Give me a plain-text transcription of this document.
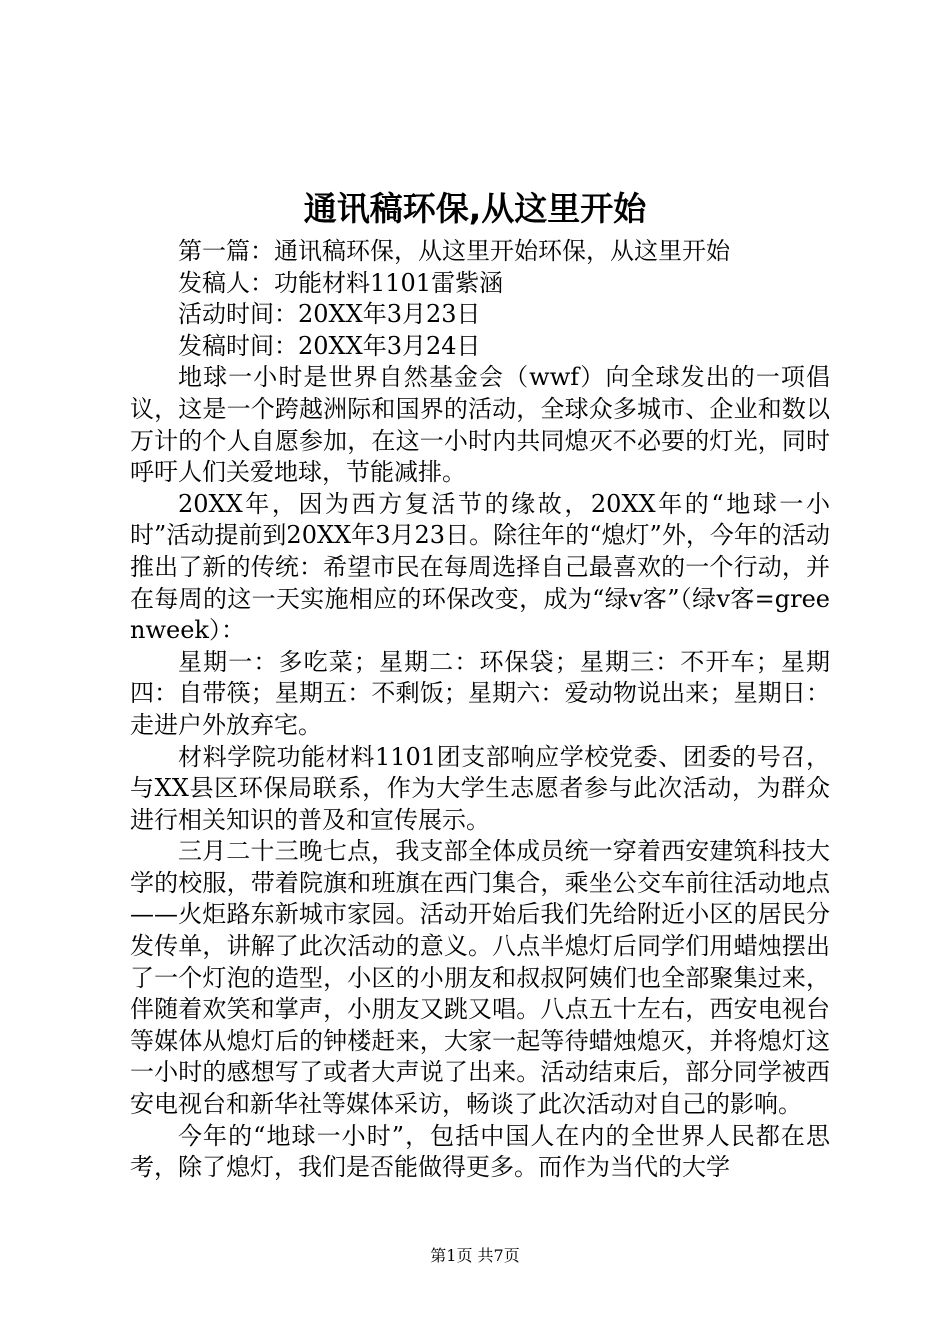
通讯稿环保,从这里开始

第一篇：通讯稿环保，从这里开始环保，从这里开始

发稿人：功能材料1101雷紫涵

活动时间：20XX年3月23日

发稿时间：20XX年3月24日

地球一小时是世界自然基金会（wwf）向全球发出的一项倡议，这是一个跨越洲际和国界的活动，全球众多城市、企业和数以万计的个人自愿参加，在这一小时内共同熄灭不必要的灯光，同时呼吁人们关爱地球，节能减排。

20XX年，因为西方复活节的缘故，20XX年的“地球一小时”活动提前到20XX年3月23日。除往年的“熄灯”外，今年的活动推出了新的传统：希望市民在每周选择自己最喜欢的一个行动，并在每周的这一天实施相应的环保改变，成为“绿v客”（绿v客=greenweek）：

星期一：多吃菜；星期二：环保袋；星期三：不开车；星期四：自带筷；星期五：不剩饭；星期六：爱动物说出来；星期日：走进户外放弃宅。

材料学院功能材料1101团支部响应学校党委、团委的号召，与XX县区环保局联系，作为大学生志愿者参与此次活动，为群众进行相关知识的普及和宣传展示。

三月二十三晚七点，我支部全体成员统一穿着西安建筑科技大学的校服，带着院旗和班旗在西门集合，乘坐公交车前往活动地点——火炬路东新城市家园。活动开始后我们先给附近小区的居民分发传单，讲解了此次活动的意义。八点半熄灯后同学们用蜡烛摆出了一个灯泡的造型，小区的小朋友和叔叔阿姨们也全部聚集过来，伴随着欢笑和掌声，小朋友又跳又唱。八点五十左右，西安电视台等媒体从熄灯后的钟楼赶来，大家一起等待蜡烛熄灭，并将熄灯这一小时的感想写了或者大声说了出来。活动结束后，部分同学被西安电视台和新华社等媒体采访，畅谈了此次活动对自己的影响。

今年的“地球一小时”，包括中国人在内的全世界人民都在思考，除了熄灯，我们是否能做得更多。而作为当代的大学

第1页 共7页
